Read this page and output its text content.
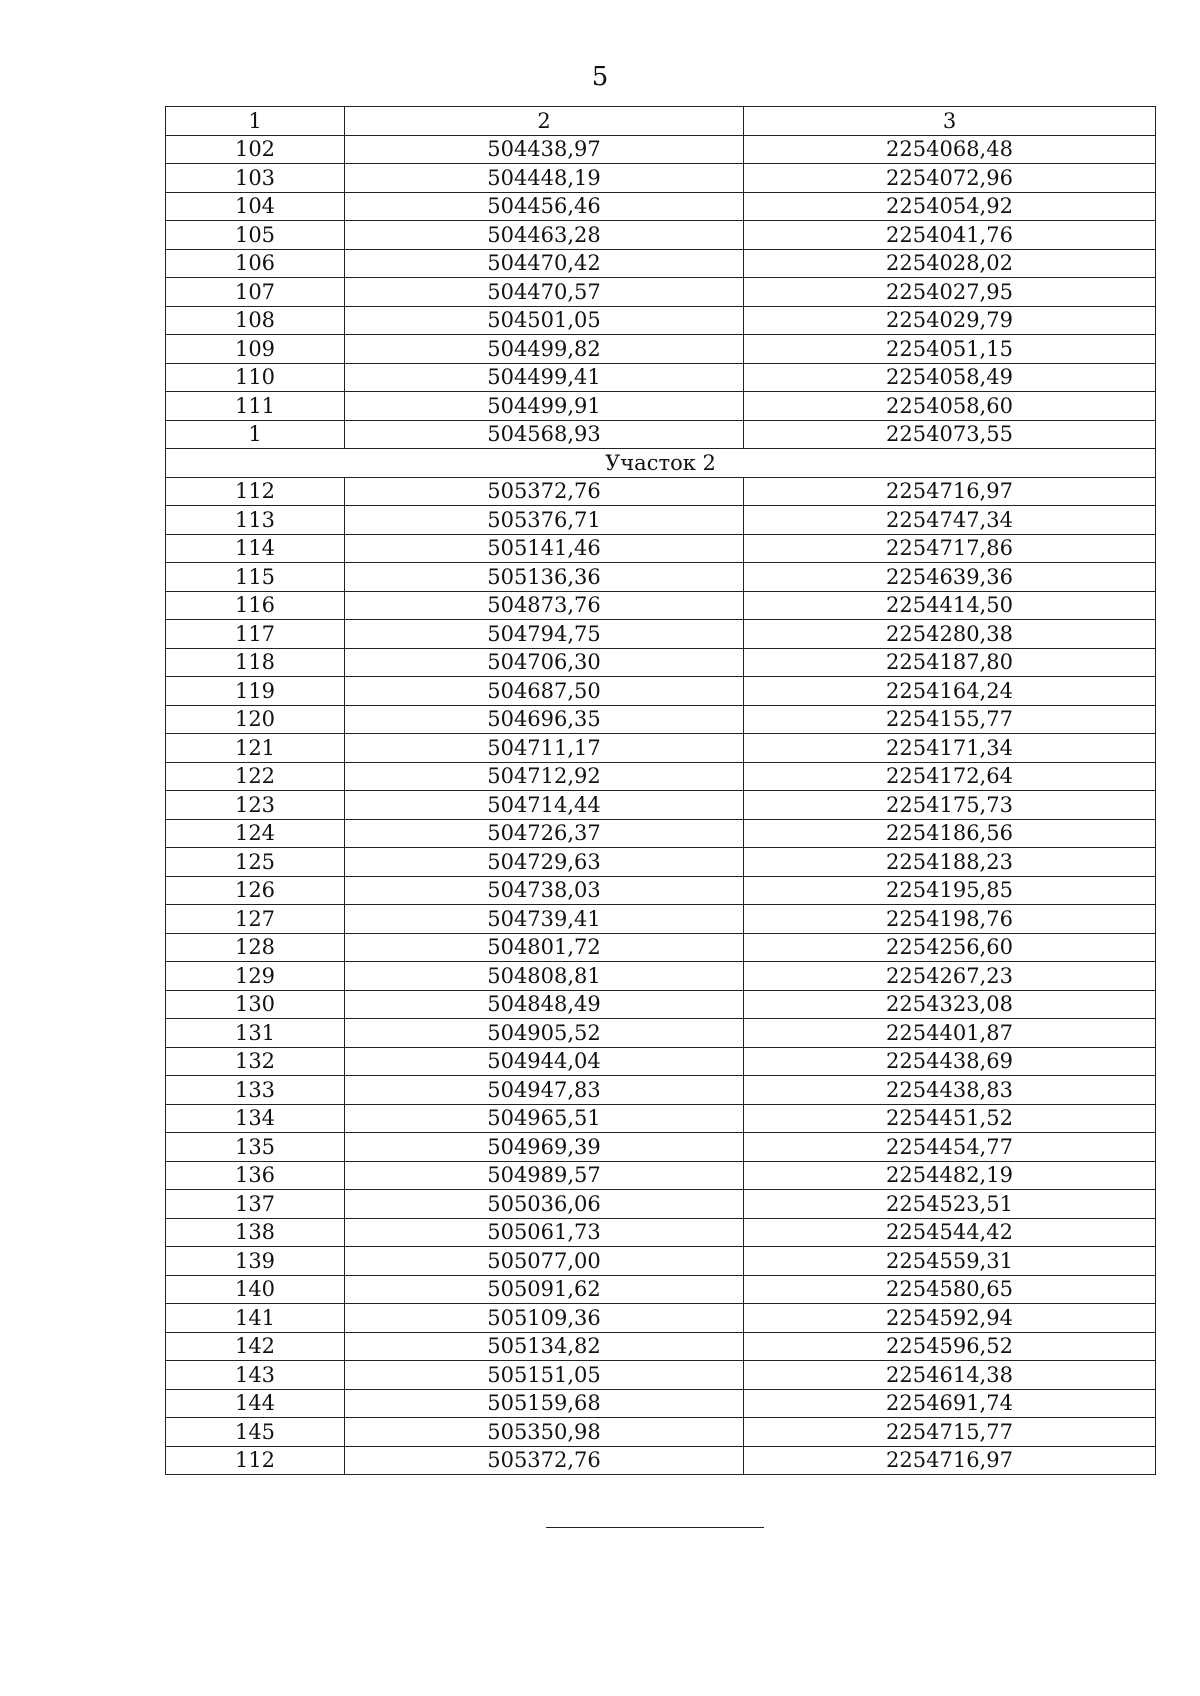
5
1	2	3
102	504438,97	2254068,48
103	504448,19	2254072,96
104	504456,46	2254054,92
105	504463,28	2254041,76
106	504470,42	2254028,02
107	504470,57	2254027,95
108	504501,05	2254029,79
109	504499,82	2254051,15
110	504499,41	2254058,49
111	504499,91	2254058,60
1	504568,93	2254073,55
Участок 2		
112	505372,76	2254716,97
113	505376,71	2254747,34
114	505141,46	2254717,86
115	505136,36	2254639,36
116	504873,76	2254414,50
117	504794,75	2254280,38
118	504706,30	2254187,80
119	504687,50	2254164,24
120	504696,35	2254155,77
121	504711,17	2254171,34
122	504712,92	2254172,64
123	504714,44	2254175,73
124	504726,37	2254186,56
125	504729,63	2254188,23
126	504738,03	2254195,85
127	504739,41	2254198,76
128	504801,72	2254256,60
129	504808,81	2254267,23
130	504848,49	2254323,08
131	504905,52	2254401,87
132	504944,04	2254438,69
133	504947,83	2254438,83
134	504965,51	2254451,52
135	504969,39	2254454,77
136	504989,57	2254482,19
137	505036,06	2254523,51
138	505061,73	2254544,42
139	505077,00	2254559,31
140	505091,62	2254580,65
141	505109,36	2254592,94
142	505134,82	2254596,52
143	505151,05	2254614,38
144	505159,68	2254691,74
145	505350,98	2254715,77
112	505372,76	2254716,97
